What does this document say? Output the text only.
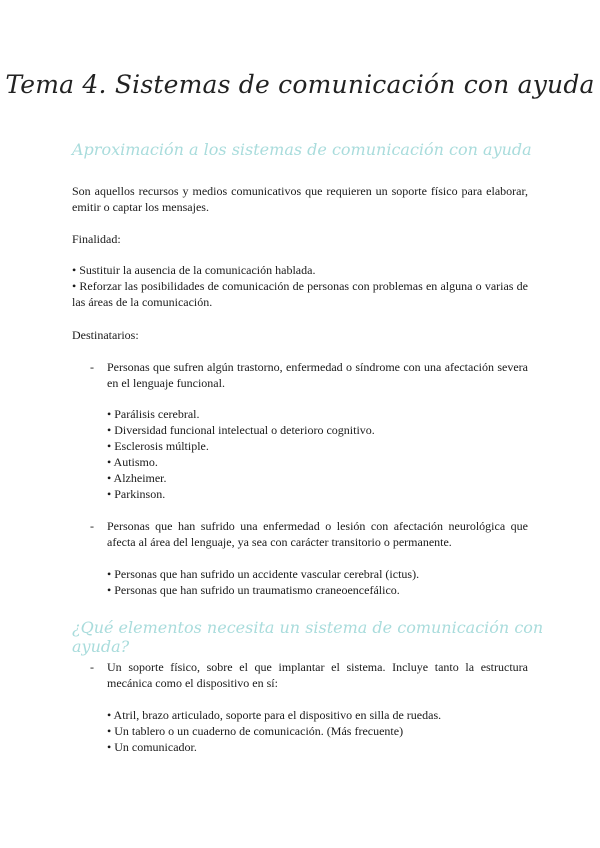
Tema 4. Sistemas de comunicación con ayuda
Aproximación a los sistemas de comunicación con ayuda

Son aquellos recursos y medios comunicativos que requieren un soporte físico para elaborar, emitir o captar los mensajes.

Finalidad:

• Sustituir la ausencia de la comunicación hablada.
• Reforzar las posibilidades de comunicación de personas con problemas en alguna o varias de las áreas de la comunicación.

Destinatarios:

- Personas que sufren algún trastorno, enfermedad o síndrome con una afectación severa en el lenguaje funcional.
• Parálisis cerebral.
• Diversidad funcional intelectual o deterioro cognitivo.
• Esclerosis múltiple.
• Autismo.
• Alzheimer.
• Parkinson.
- Personas que han sufrido una enfermedad o lesión con afectación neurológica que afecta al área del lenguaje, ya sea con carácter transitorio o permanente.
• Personas que han sufrido un accidente vascular cerebral (ictus).
• Personas que han sufrido un traumatismo craneoencefálico.
¿Qué elementos necesita un sistema de comunicación con ayuda?
- Un soporte físico, sobre el que implantar el sistema. Incluye tanto la estructura mecánica como el dispositivo en sí:
• Atril, brazo articulado, soporte para el dispositivo en silla de ruedas.
• Un tablero o un cuaderno de comunicación. (Más frecuente)
• Un comunicador.
